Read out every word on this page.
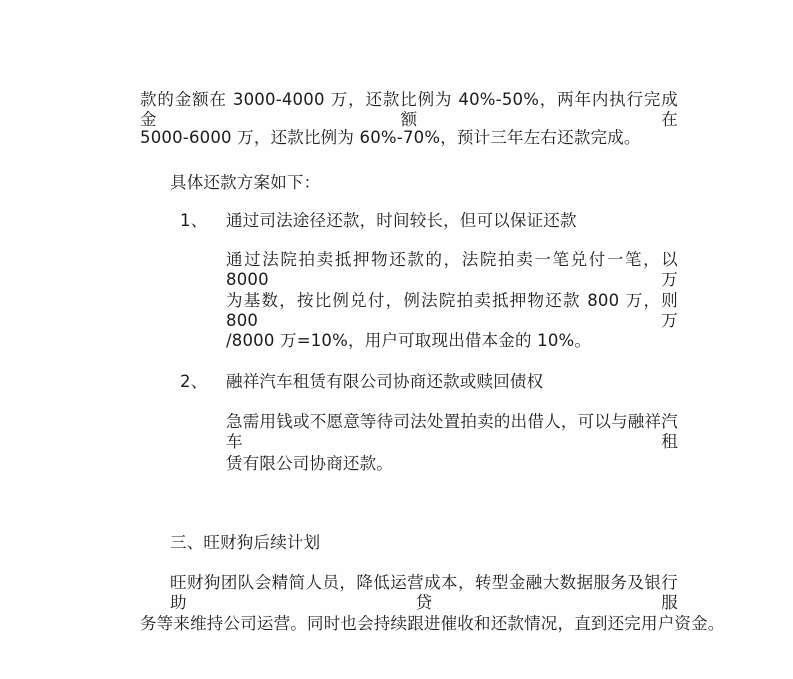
款的金额在 3000-4000 万，还款比例为 40%-50%，两年内执行完成金额在
5000-6000 万，还款比例为 60%-70%，预计三年左右还款完成。
具体还款方案如下：
1、 通过司法途径还款，时间较长，但可以保证还款
通过法院拍卖抵押物还款的，法院拍卖一笔兑付一笔，以 8000 万
为基数，按比例兑付，例法院拍卖抵押物还款 800 万，则 800 万
/8000 万=10%，用户可取现出借本金的 10%。
2、 融祥汽车租赁有限公司协商还款或赎回债权
急需用钱或不愿意等待司法处置拍卖的出借人，可以与融祥汽车租
赁有限公司协商还款。
三、旺财狗后续计划
旺财狗团队会精简人员，降低运营成本，转型金融大数据服务及银行助贷服
务等来维持公司运营。同时也会持续跟进催收和还款情况，直到还完用户资金。
